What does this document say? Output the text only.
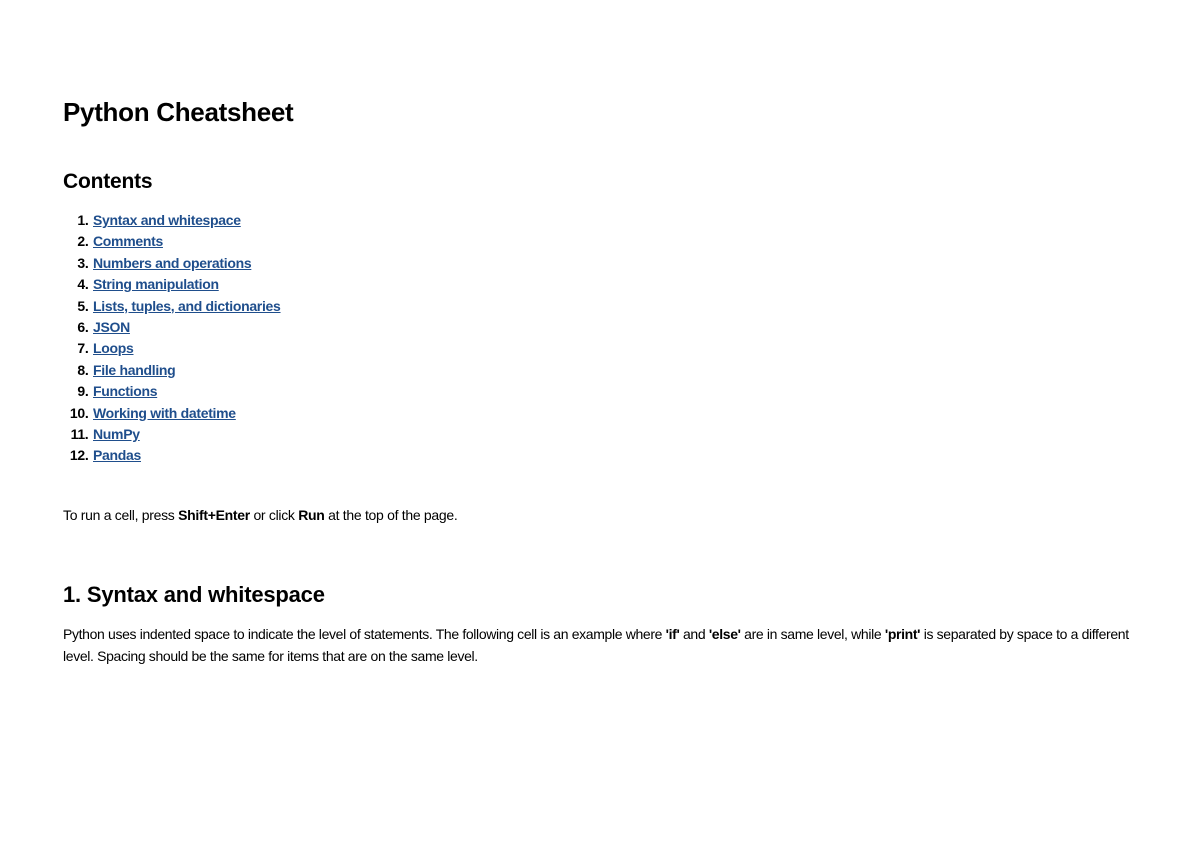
Python Cheatsheet
Contents
1. Syntax and whitespace
2. Comments
3. Numbers and operations
4. String manipulation
5. Lists, tuples, and dictionaries
6. JSON
7. Loops
8. File handling
9. Functions
10. Working with datetime
11. NumPy
12. Pandas

To run a cell, press Shift+Enter or click Run at the top of the page.

1. Syntax and whitespace

Python uses indented space to indicate the level of statements. The following cell is an example where 'if' and 'else' are in same level, while 'print' is separated by space to a different level. Spacing should be the same for items that are on the same level.
